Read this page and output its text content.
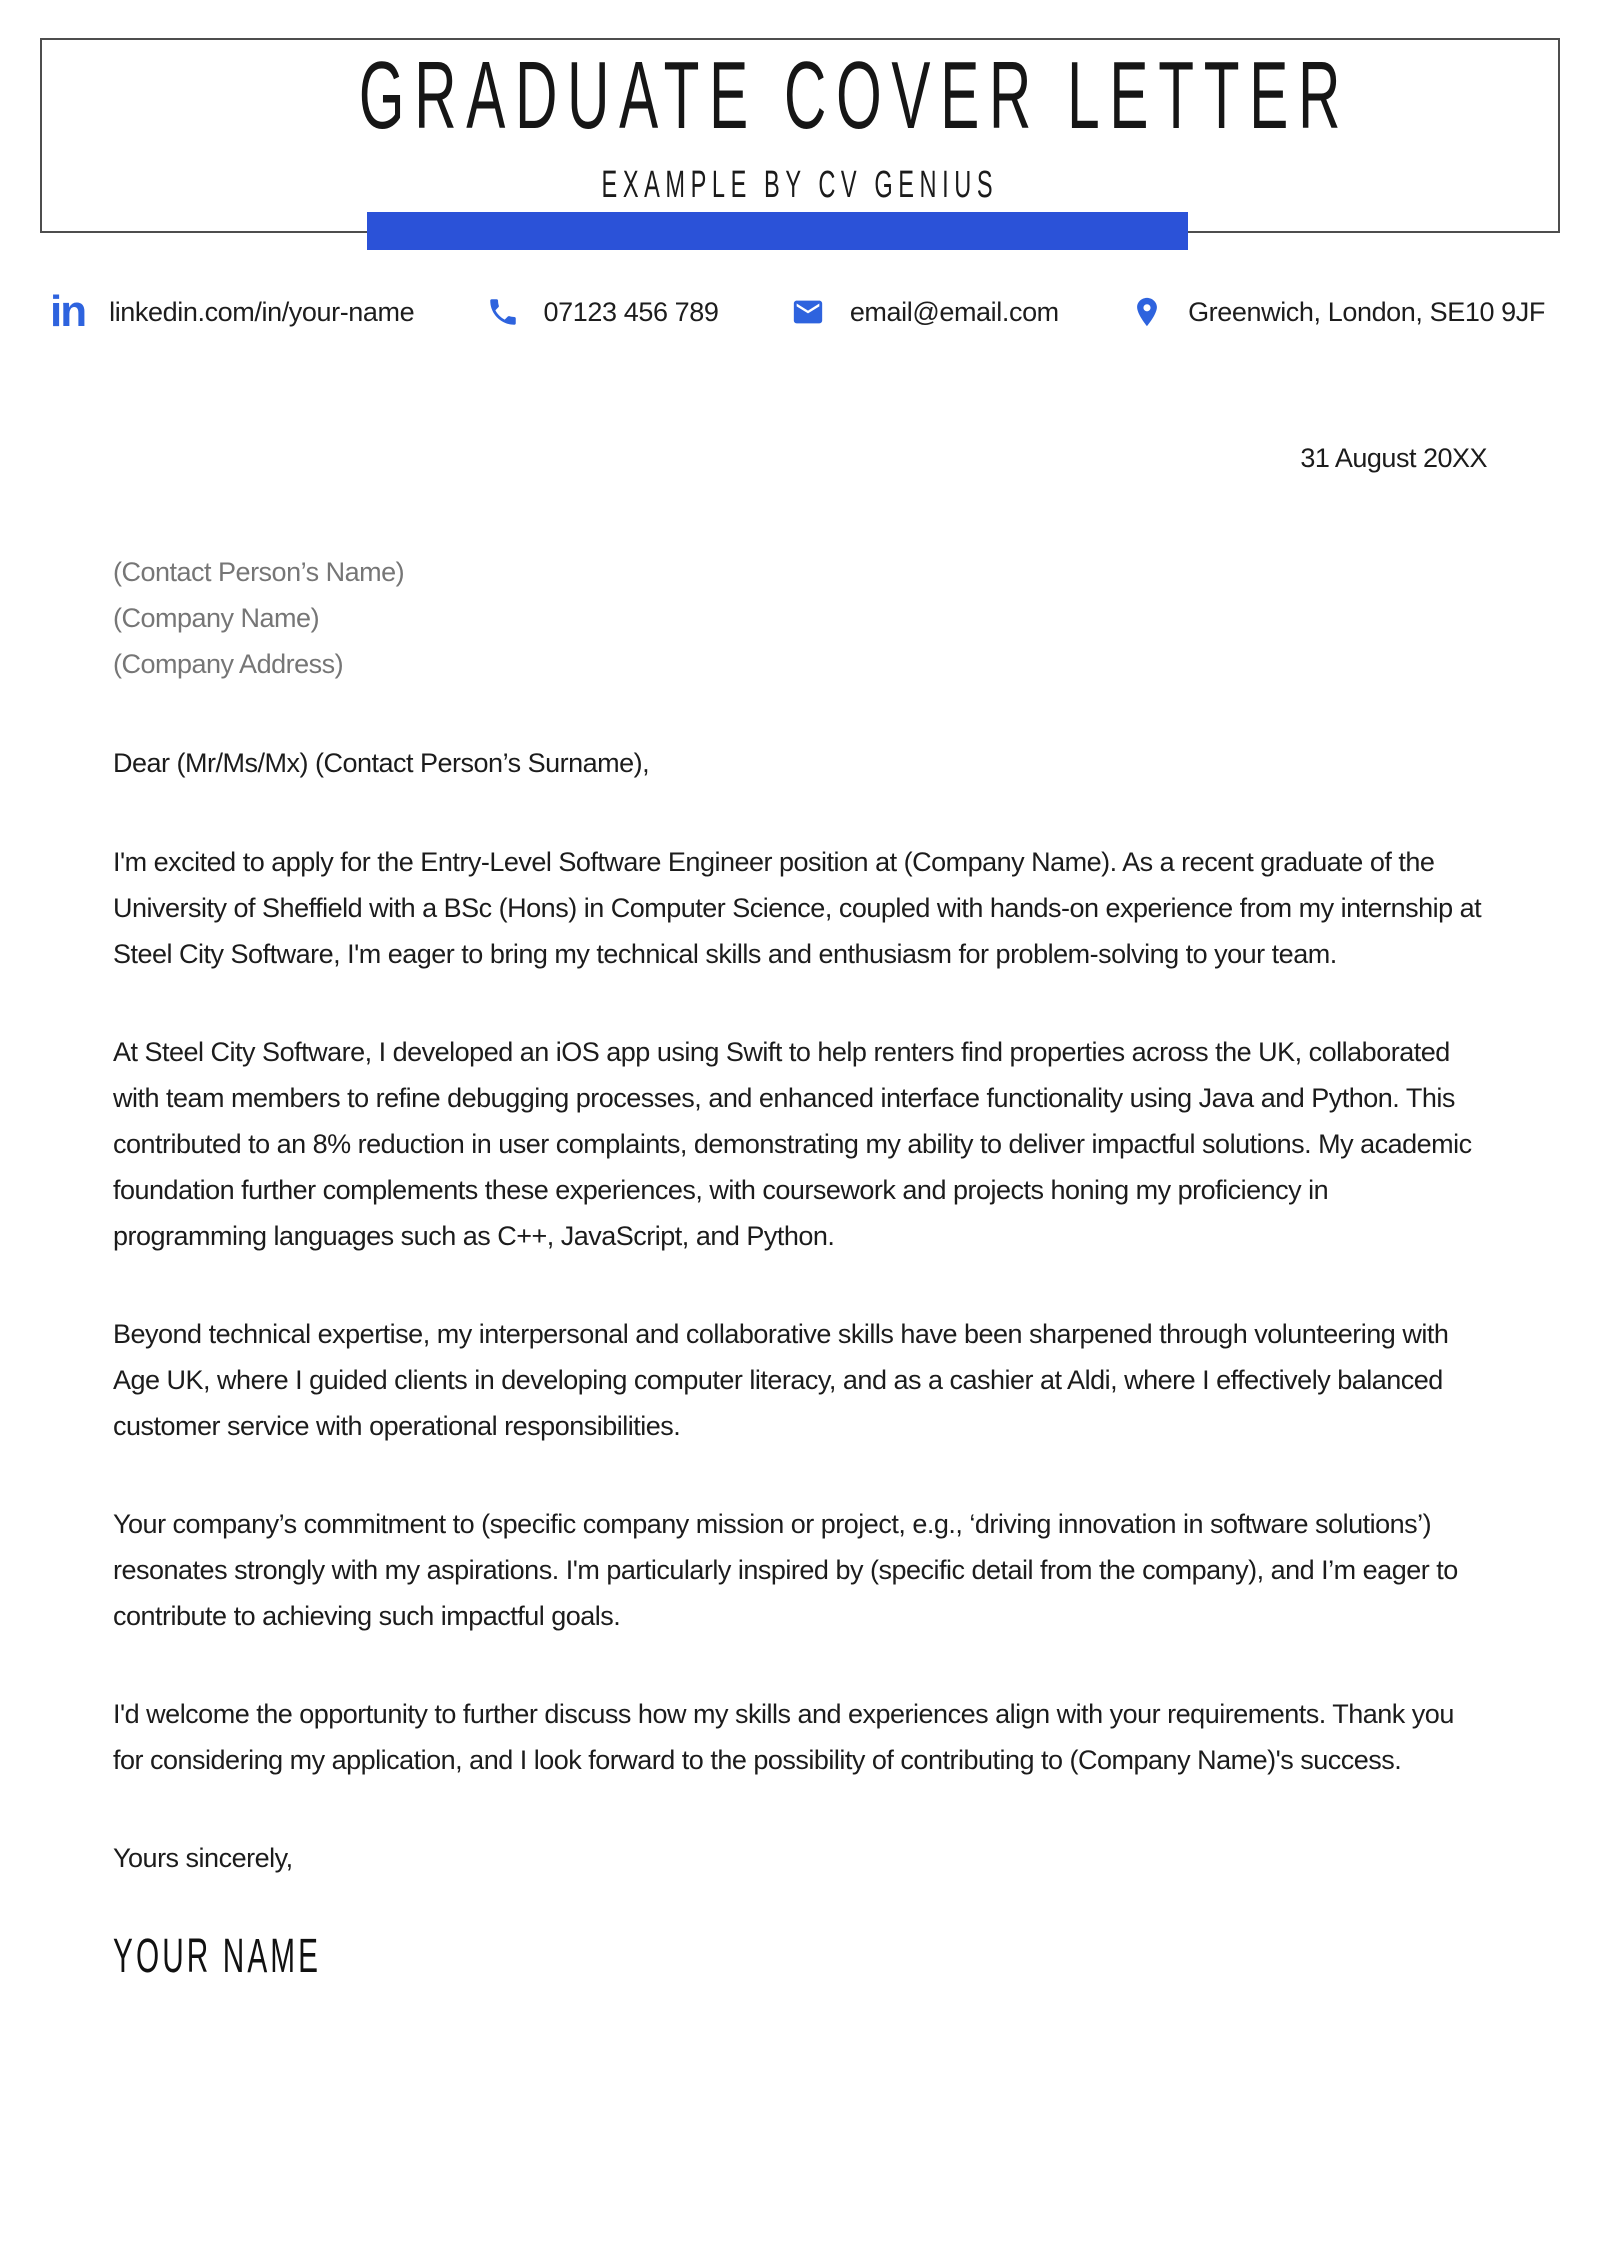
GRADUATE COVER LETTER
EXAMPLE BY CV GENIUS
in linkedin.com/in/your-name	07123 456 789	email@email.com	Greenwich, London, SE10 9JF
31 August 20XX
(Contact Person’s Name)
(Company Name)
(Company Address)
Dear (Mr/Ms/Mx) (Contact Person’s Surname),

I'm excited to apply for the Entry-Level Software Engineer position at (Company Name). As a recent graduate of the University of Sheffield with a BSc (Hons) in Computer Science, coupled with hands-on experience from my internship at Steel City Software, I'm eager to bring my technical skills and enthusiasm for problem-solving to your team.

At Steel City Software, I developed an iOS app using Swift to help renters find properties across the UK, collaborated with team members to refine debugging processes, and enhanced interface functionality using Java and Python. This contributed to an 8% reduction in user complaints, demonstrating my ability to deliver impactful solutions. My academic foundation further complements these experiences, with coursework and projects honing my proficiency in programming languages such as C++, JavaScript, and Python.

Beyond technical expertise, my interpersonal and collaborative skills have been sharpened through volunteering with Age UK, where I guided clients in developing computer literacy, and as a cashier at Aldi, where I effectively balanced customer service with operational responsibilities.

Your company’s commitment to (specific company mission or project, e.g., ‘driving innovation in software solutions’) resonates strongly with my aspirations. I'm particularly inspired by (specific detail from the company), and I’m eager to contribute to achieving such impactful goals.

I'd welcome the opportunity to further discuss how my skills and experiences align with your requirements. Thank you for considering my application, and I look forward to the possibility of contributing to (Company Name)'s success.

Yours sincerely,
YOUR NAME
